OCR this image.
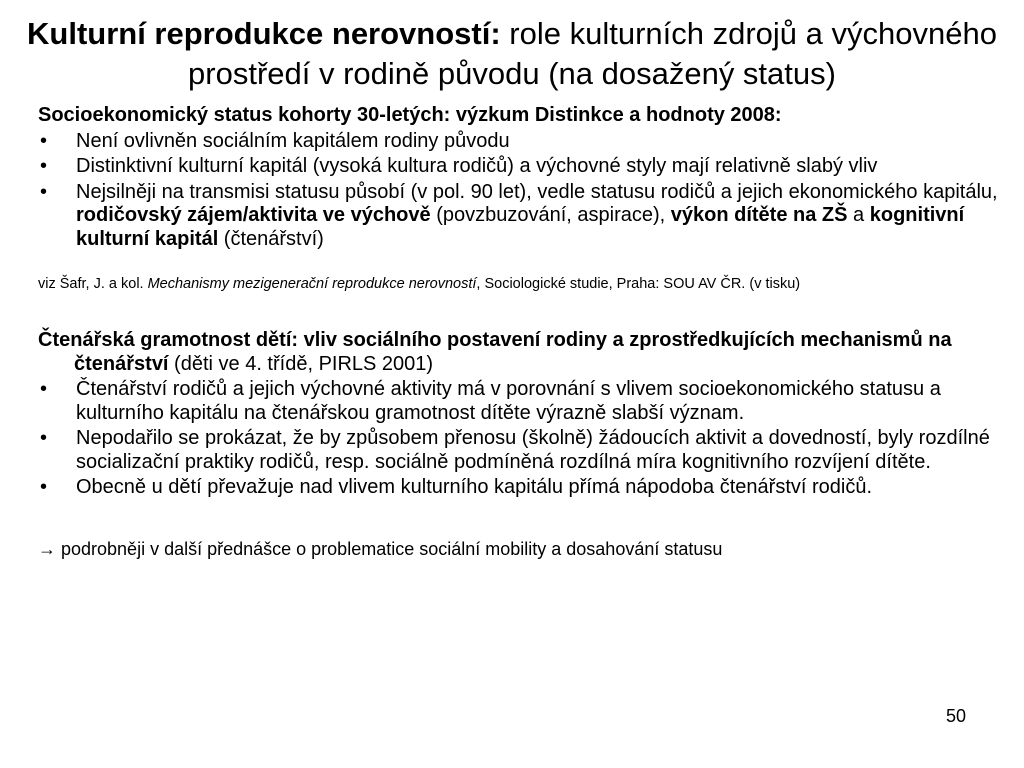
Kulturní reprodukce nerovností: role kulturních zdrojů a výchovného prostředí v rodině původu (na dosažený status)
Socioekonomický status kohorty 30-letých: výzkum Distinkce a hodnoty 2008:
• Není ovlivněn sociálním kapitálem rodiny původu
• Distinktivní kulturní kapitál (vysoká kultura rodičů) a výchovné styly mají relativně slabý vliv
• Nejsilněji na transmisi statusu působí (v pol. 90 let), vedle statusu rodičů a jejich ekonomického kapitálu, rodičovský zájem/aktivita ve výchově (povzbuzování, aspirace), výkon dítěte na ZŠ a kognitivní kulturní kapitál (čtenářství)
viz Šafr, J. a kol. Mechanismy mezigenerační reprodukce nerovností, Sociologické studie, Praha: SOU AV ČR. (v tisku)
Čtenářská gramotnost dětí: vliv sociálního postavení rodiny a zprostředkujících mechanismů na čtenářství (děti ve 4. třídě, PIRLS 2001)
• Čtenářství rodičů a jejich výchovné aktivity má v porovnání s vlivem socioekonomického statusu a kulturního kapitálu na čtenářskou gramotnost dítěte výrazně slabší význam.
• Nepodařilo se prokázat, že by způsobem přenosu (školně) žádoucích aktivit a dovedností, byly rozdílné socializační praktiky rodičů, resp. sociálně podmíněná rozdílná míra kognitivního rozvíjení dítěte.
• Obecně u dětí převažuje nad vlivem kulturního kapitálu přímá nápodoba čtenářství rodičů.
→ podrobněji v další přednášce o problematice sociální mobility a dosahování statusu
50
